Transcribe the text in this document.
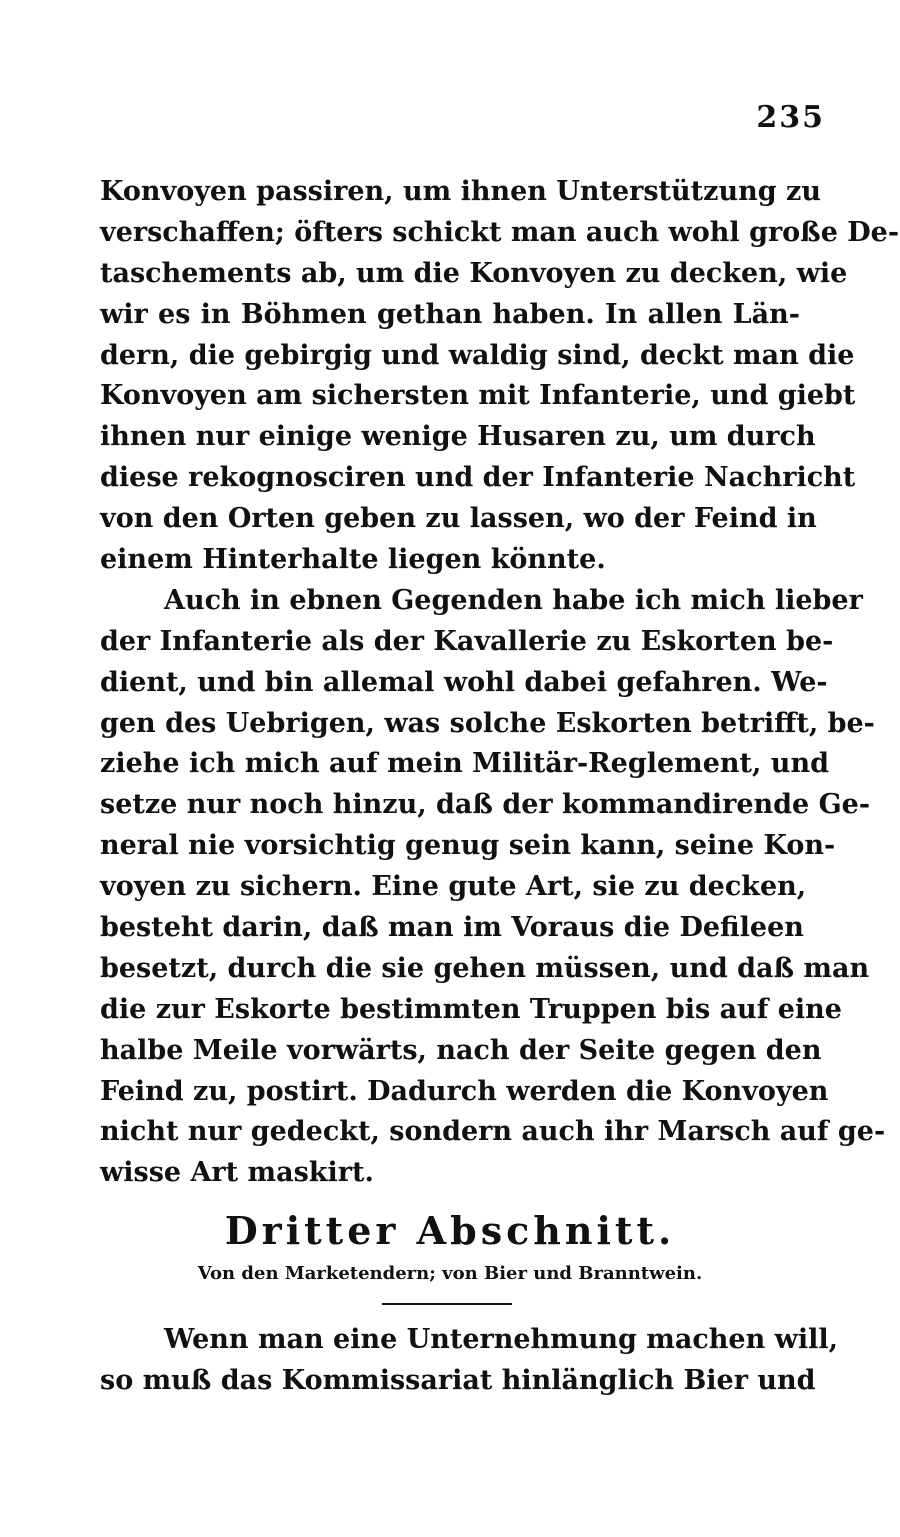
235
Konvoyen passiren, um ihnen Unterstützung zu
verschaffen; öfters schickt man auch wohl große De-
taschements ab, um die Konvoyen zu decken, wie
wir es in Böhmen gethan haben. In allen Län-
dern, die gebirgig und waldig sind, deckt man die
Konvoyen am sichersten mit Infanterie, und giebt
ihnen nur einige wenige Husaren zu, um durch
diese rekognosciren und der Infanterie Nachricht
von den Orten geben zu lassen, wo der Feind in
einem Hinterhalte liegen könnte.
Auch in ebnen Gegenden habe ich mich lieber
der Infanterie als der Kavallerie zu Eskorten be-
dient, und bin allemal wohl dabei gefahren. We-
gen des Uebrigen, was solche Eskorten betrifft, be-
ziehe ich mich auf mein Militär-Reglement, und
setze nur noch hinzu, daß der kommandirende Ge-
neral nie vorsichtig genug sein kann, seine Kon-
voyen zu sichern. Eine gute Art, sie zu decken,
besteht darin, daß man im Voraus die Defileen
besetzt, durch die sie gehen müssen, und daß man
die zur Eskorte bestimmten Truppen bis auf eine
halbe Meile vorwärts, nach der Seite gegen den
Feind zu, postirt. Dadurch werden die Konvoyen
nicht nur gedeckt, sondern auch ihr Marsch auf ge-
wisse Art maskirt.
Dritter Abschnitt.
Von den Marketendern; von Bier und Branntwein.
Wenn man eine Unternehmung machen will,
so muß das Kommissariat hinlänglich Bier und
